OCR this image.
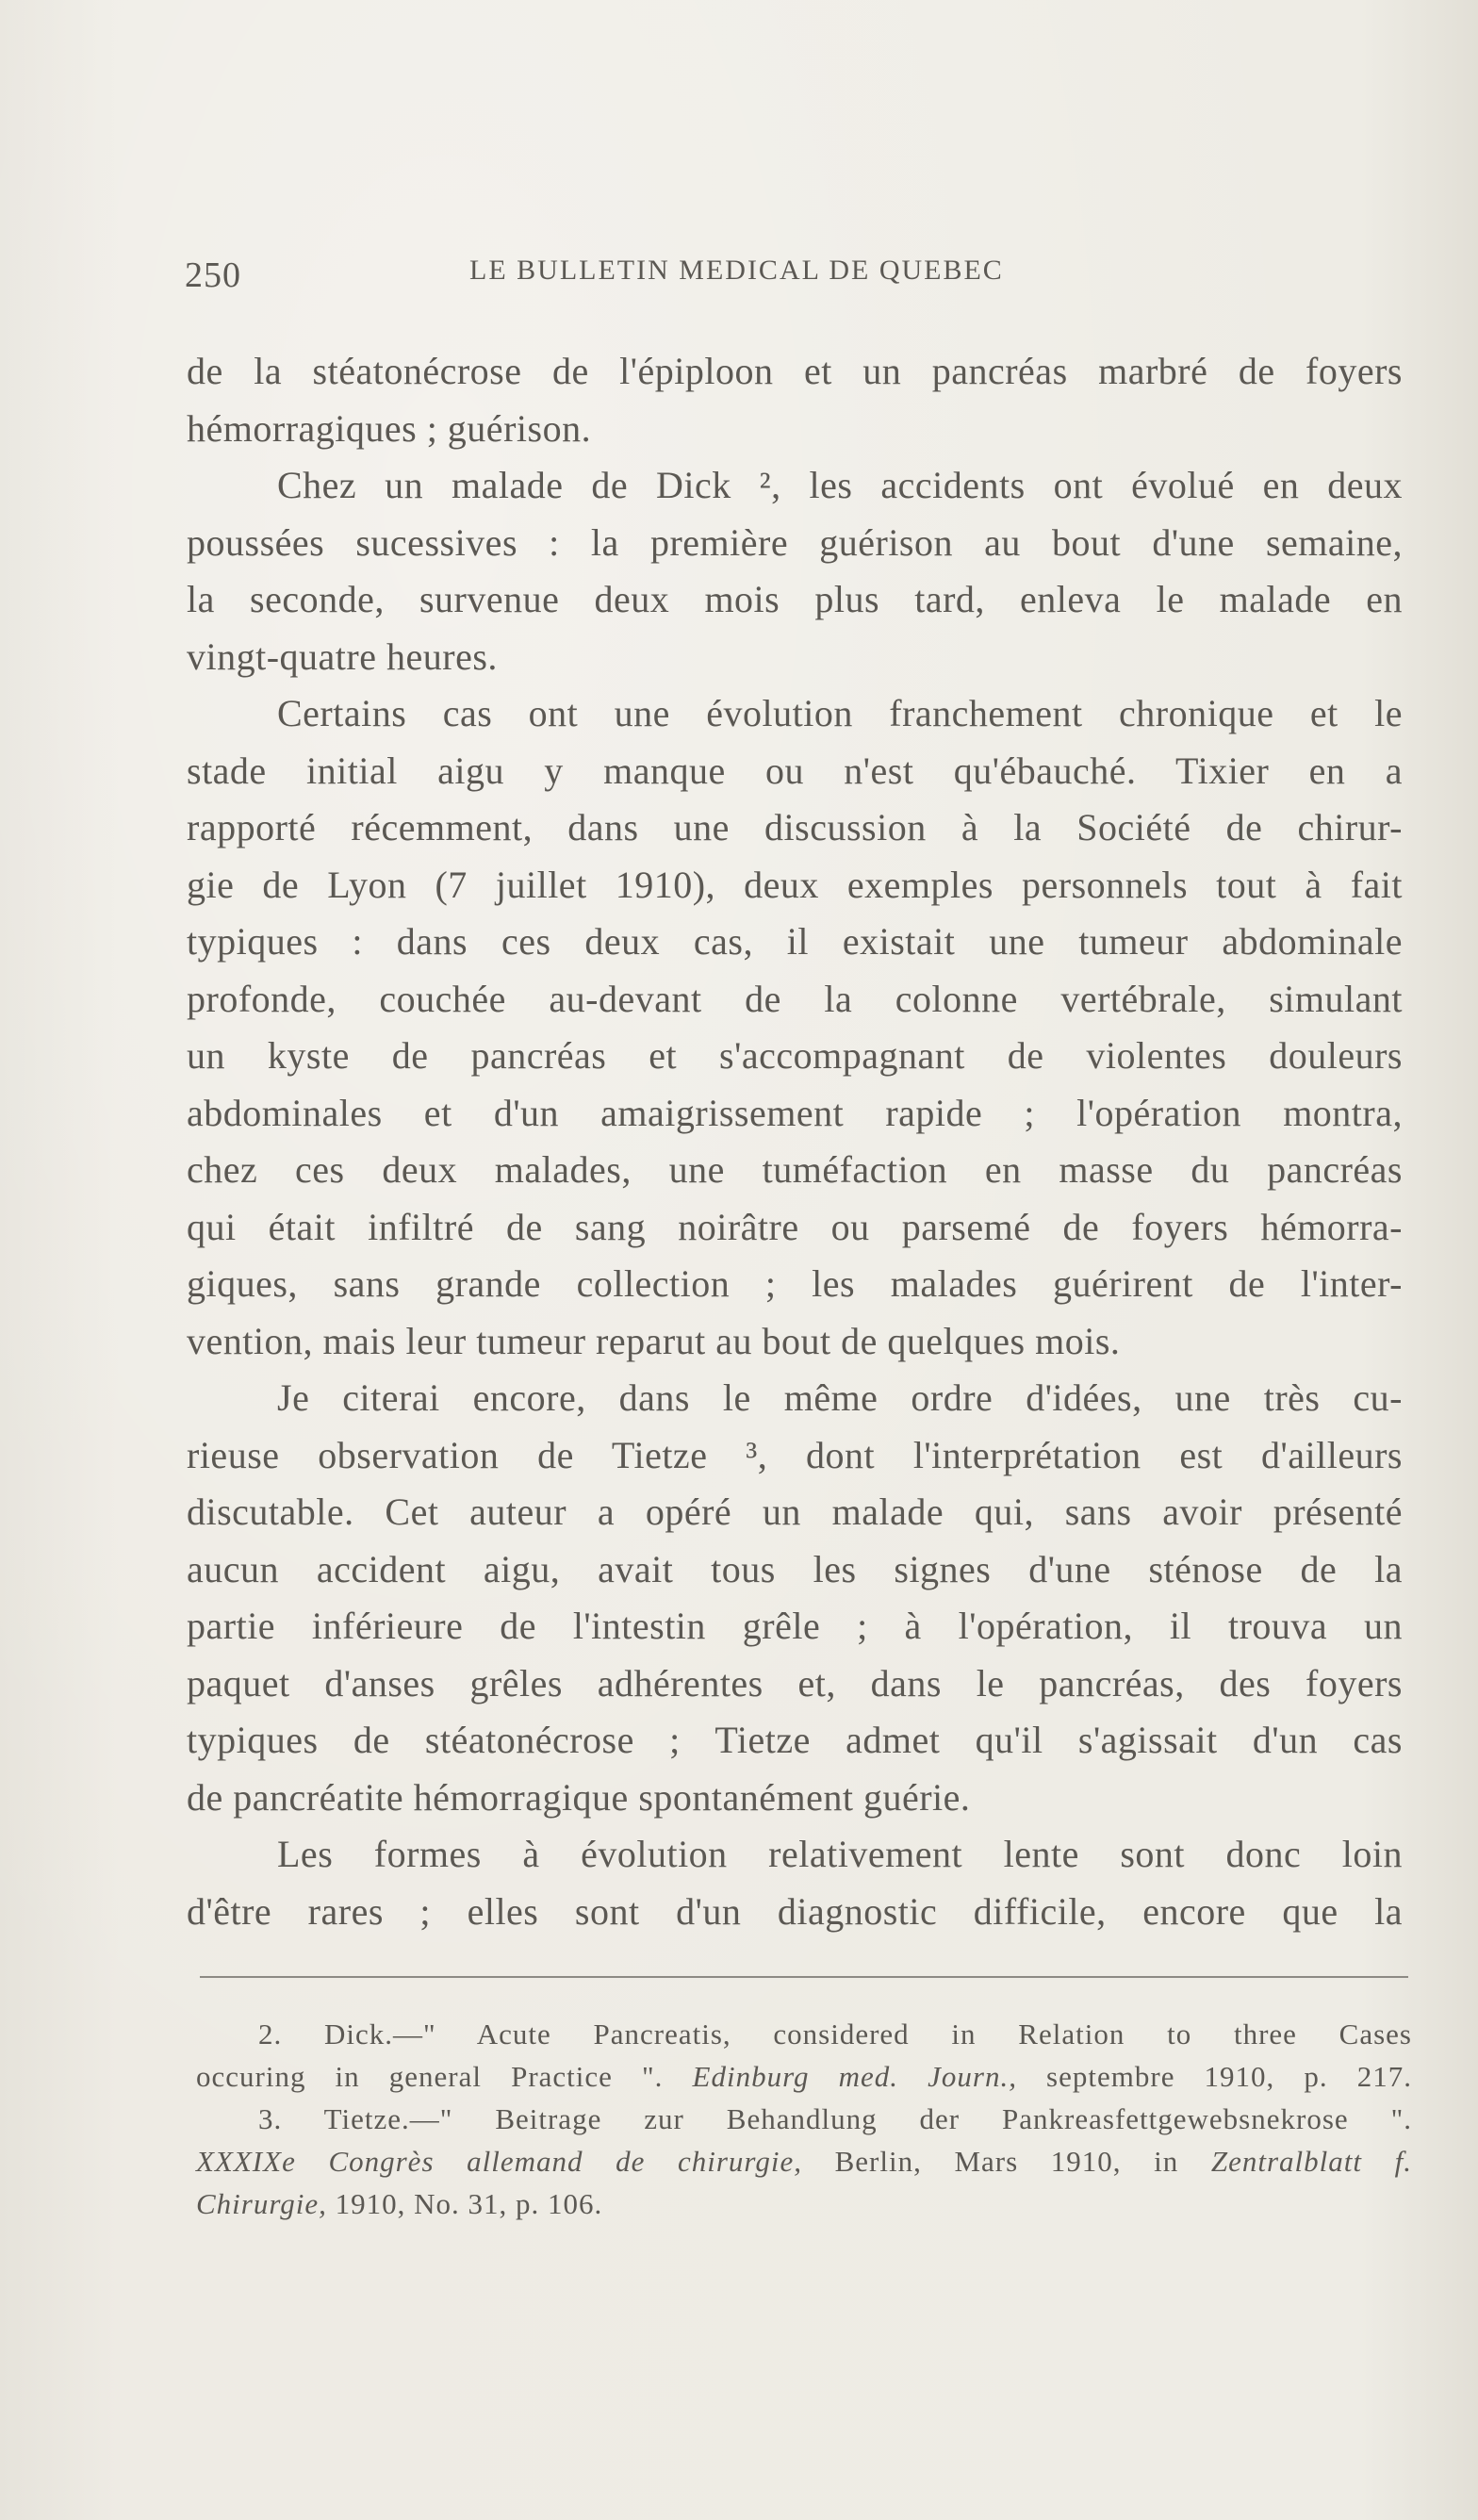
250	LE BULLETIN MEDICAL DE QUEBEC
de la stéatonécrose de l'épiploon et un pancréas marbré de foyers
hémorragiques ; guérison.
Chez un malade de Dick ², les accidents ont évolué en deux
poussées sucessives : la première guérison au bout d'une semaine,
la seconde, survenue deux mois plus tard, enleva le malade en
vingt-quatre heures.
Certains cas ont une évolution franchement chronique et le
stade initial aigu y manque ou n'est qu'ébauché. Tixier en a
rapporté récemment, dans une discussion à la Société de chirur-
gie de Lyon (7 juillet 1910), deux exemples personnels tout à fait
typiques : dans ces deux cas, il existait une tumeur abdominale
profonde, couchée au-devant de la colonne vertébrale, simulant
un kyste de pancréas et s'accompagnant de violentes douleurs
abdominales et d'un amaigrissement rapide ; l'opération montra,
chez ces deux malades, une tuméfaction en masse du pancréas
qui était infiltré de sang noirâtre ou parsemé de foyers hémorra-
giques, sans grande collection ; les malades guérirent de l'inter-
vention, mais leur tumeur reparut au bout de quelques mois.
Je citerai encore, dans le même ordre d'idées, une très cu-
rieuse observation de Tietze ³, dont l'interprétation est d'ailleurs
discutable. Cet auteur a opéré un malade qui, sans avoir présenté
aucun accident aigu, avait tous les signes d'une sténose de la
partie inférieure de l'intestin grêle ; à l'opération, il trouva un
paquet d'anses grêles adhérentes et, dans le pancréas, des foyers
typiques de stéatonécrose ; Tietze admet qu'il s'agissait d'un cas
de pancréatite hémorragique spontanément guérie.
Les formes à évolution relativement lente sont donc loin
d'être rares ; elles sont d'un diagnostic difficile, encore que la
2. Dick.—" Acute Pancreatis, considered in Relation to three Cases
occuring in general Practice ". Edinburg med. Journ., septembre 1910, p. 217.
3. Tietze.—" Beitrage zur Behandlung der Pankreasfettgewebsnekrose ".
XXXIXe Congrès allemand de chirurgie, Berlin, Mars 1910, in Zentralblatt f.
Chirurgie, 1910, No. 31, p. 106.
